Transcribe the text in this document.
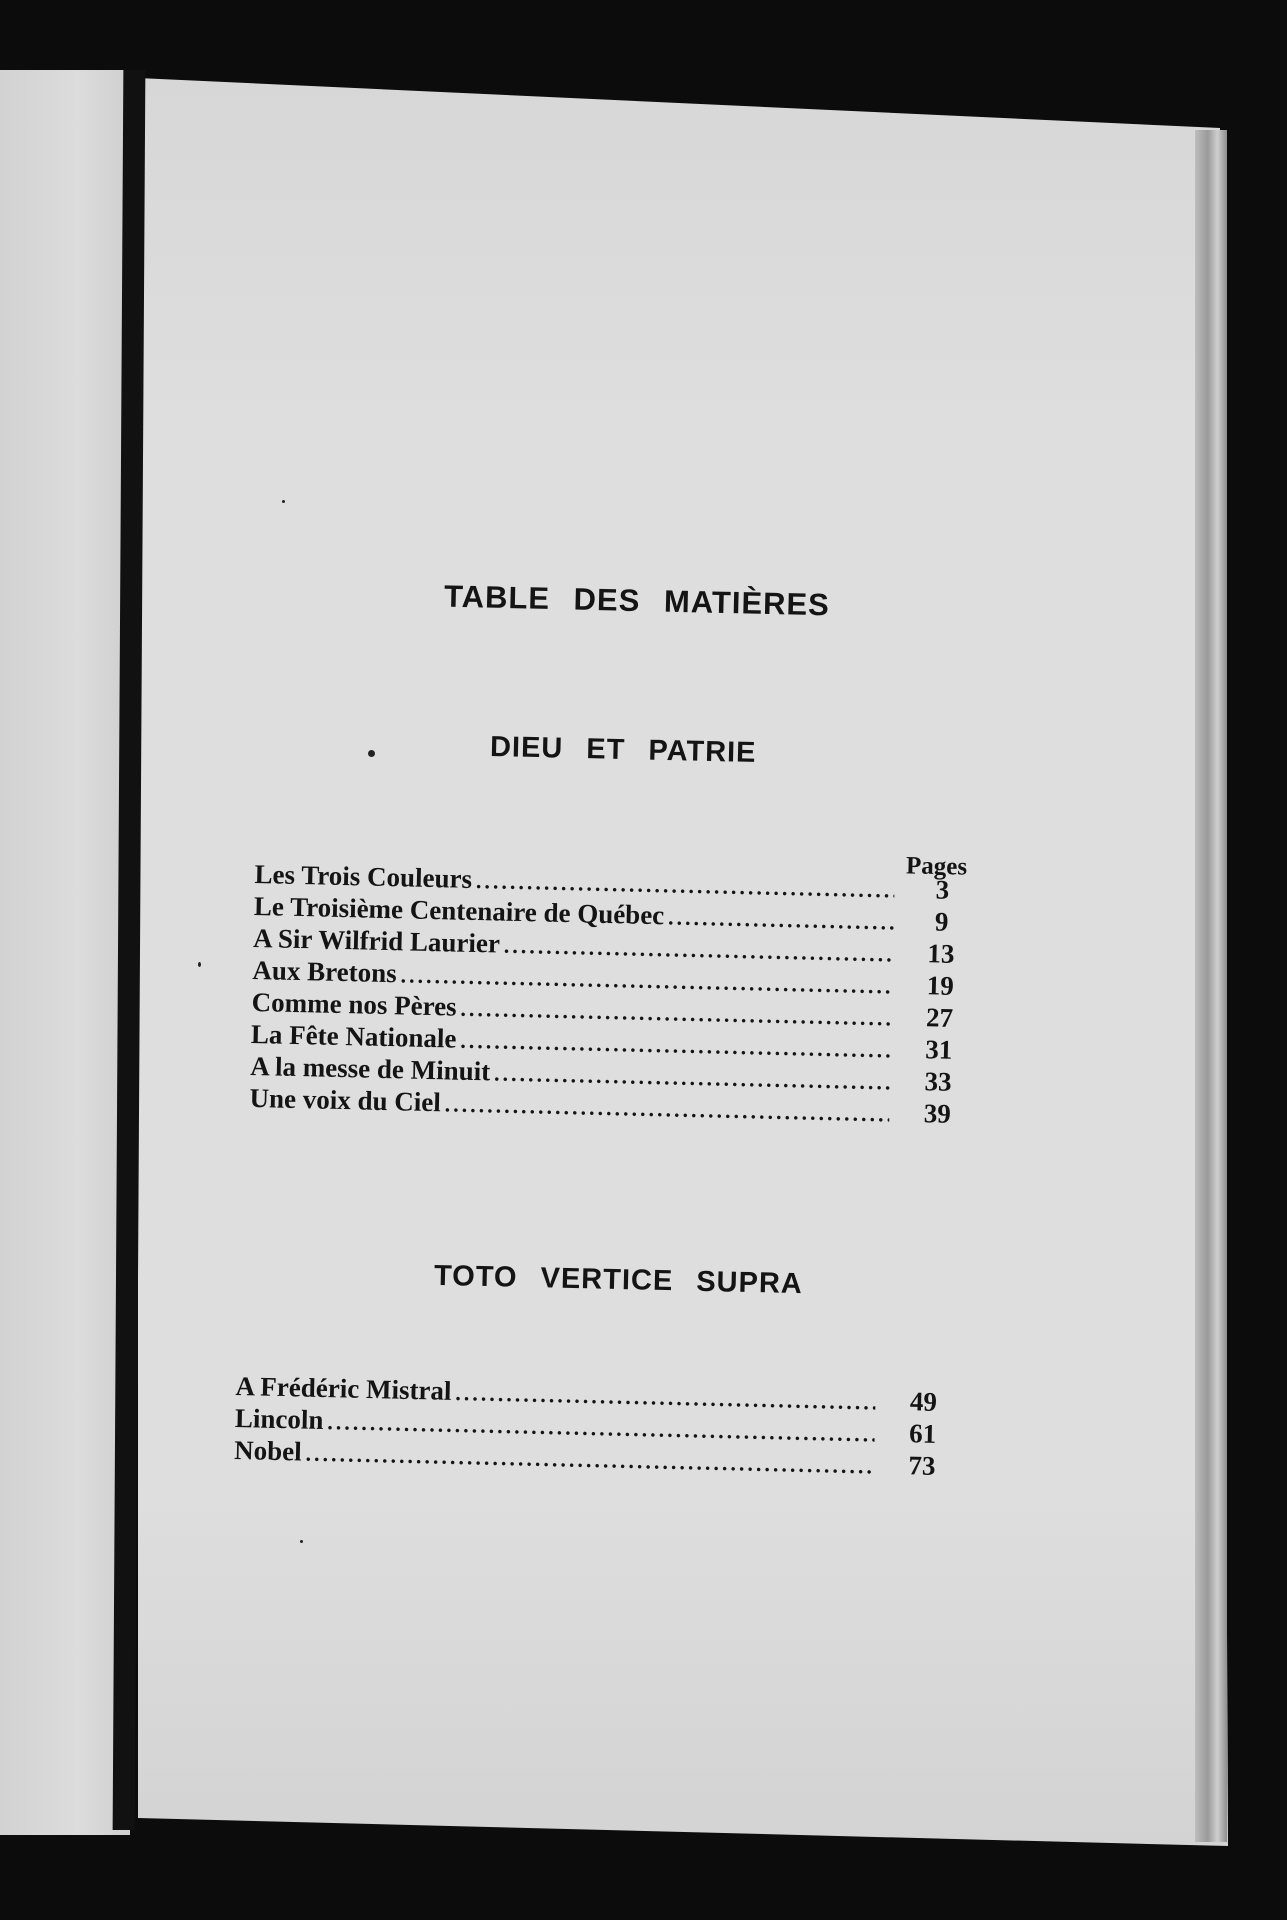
TABLE DES MATIÈRES
DIEU ET PATRIE
Pages
Les Trois Couleurs .....	3
Le Troisième Centenaire de Québec .....	9
A Sir Wilfrid Laurier .....	13
Aux Bretons .....	19
Comme nos Pères .....	27
La Fête Nationale .....	31
A la messe de Minuit .....	33
Une voix du Ciel .....	39
TOTO VERTICE SUPRA
A Frédéric Mistral .....	49
Lincoln .....	61
Nobel .....	73
